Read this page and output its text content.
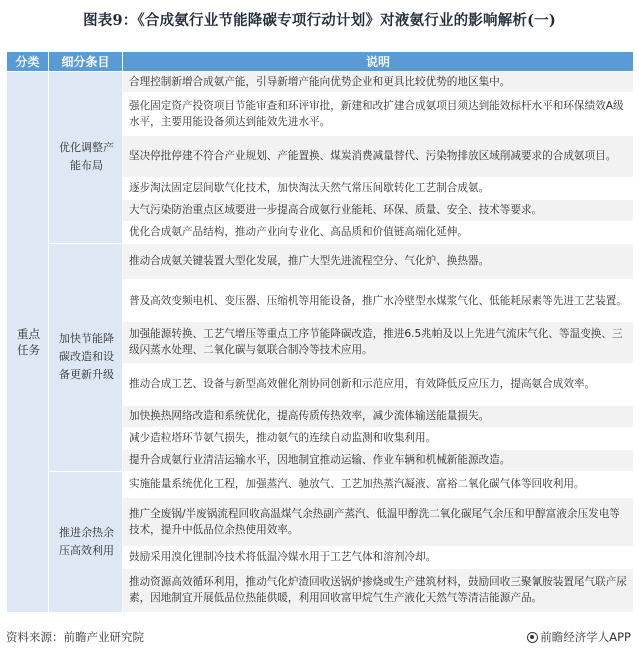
图表9：《合成氨行业节能降碳专项行动计划》对液氨行业的影响解析(一)
分类	细分条目	说明
重点任务	优化调整产能布局	合理控制新增合成氨产能，引导新增产能向优势企业和更具比较优势的地区集中。
		强化固定资产投资项目节能审查和环评审批，新建和改扩建合成氨项目须达到能效标杆水平和环保绩效A级水平，主要用能设备须达到能效先进水平。
		坚决停批停建不符合产业规划、产能置换、煤炭消费减量替代、污染物排放区域削减要求的合成氨项目。
		逐步淘汰固定层间歇气化技术，加快淘汰天然气常压间歇转化工艺制合成氨。
		大气污染防治重点区域要进一步提高合成氨行业能耗、环保、质量、安全、技术等要求。
		优化合成氨产品结构，推动产业向专业化、高品质和价值链高端化延伸。
	加快节能降碳改造和设备更新升级	推动合成氨关键装置大型化发展，推广大型先进流程空分、气化炉、换热器。
		普及高效变频电机、变压器、压缩机等用能设备，推广水冷壁型水煤浆气化、低能耗尿素等先进工艺装置。
		加强能源转换、工艺气增压等重点工序节能降碳改造，推进6.5兆帕及以上先进气流床气化、等温变换、三级闪蒸水处理、二氧化碳与氨联合制冷等技术应用。
		推动合成工艺、设备与新型高效催化剂协同创新和示范应用，有效降低反应压力，提高氨合成效率。
		加快换热网络改造和系统优化，提高传质传热效率，减少流体输送能量损失。
		减少造粒塔环节氨气损失，推动氨气的连续自动监测和收集利用。
		提升合成氨行业清洁运输水平，因地制宜推动运输、作业车辆和机械新能源改造。
	推进余热余压高效利用	实施能量系统优化工程，加强蒸汽、驰放气、工艺加热蒸汽凝液、富裕二氧化碳气体等回收利用。
		推广全废锅/半废锅流程回收高温煤气余热副产蒸汽、低温甲醇洗二氧化碳尾气余压和甲醇富液余压发电等技术，提升中低品位余热使用效率。
		鼓励采用溴化锂制冷技术将低温冷媒水用于工艺气体和溶剂冷却。
		推动资源高效循环利用，推动气化炉渣回收送锅炉掺烧或生产建筑材料，鼓励回收三聚氰胺装置尾气联产尿素，因地制宜开展低品位热能供暖，利用回收富甲烷气生产液化天然气等清洁能源产品。
资料来源：前瞻产业研究院	前瞻经济学人APP
